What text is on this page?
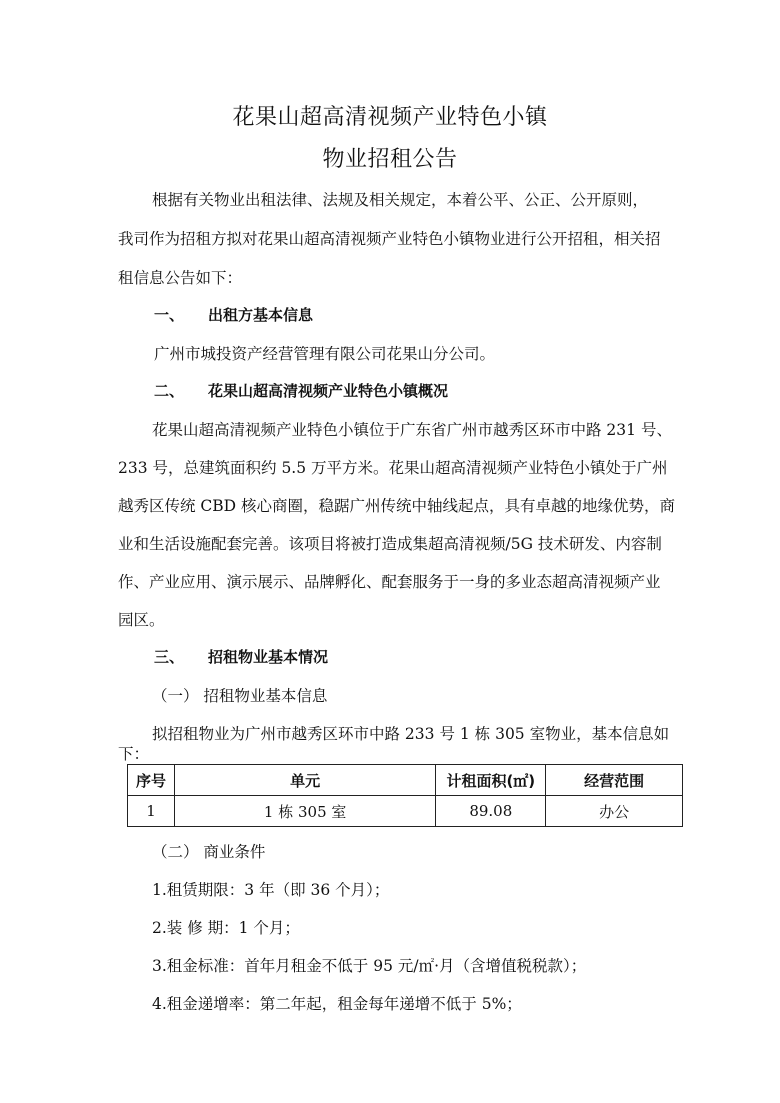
花果山超高清视频产业特色小镇
物业招租公告
根据有关物业出租法律、法规及相关规定，本着公平、公正、公开原则，
我司作为招租方拟对花果山超高清视频产业特色小镇物业进行公开招租，相关招
租信息公告如下：
一、 出租方基本信息
广州市城投资产经营管理有限公司花果山分公司。
二、 花果山超高清视频产业特色小镇概况
花果山超高清视频产业特色小镇位于广东省广州市越秀区环市中路 231 号、
233 号，总建筑面积约 5.5 万平方米。花果山超高清视频产业特色小镇处于广州
越秀区传统 CBD 核心商圈，稳踞广州传统中轴线起点，具有卓越的地缘优势，商
业和生活设施配套完善。该项目将被打造成集超高清视频/5G 技术研发、内容制
作、产业应用、演示展示、品牌孵化、配套服务于一身的多业态超高清视频产业
园区。
三、 招租物业基本情况
（一） 招租物业基本信息
拟招租物业为广州市越秀区环市中路 233 号 1 栋 305 室物业，基本信息如
下：
序号	单元	计租面积(㎡)	经营范围
1	1 栋 305 室	89.08	办公
（二） 商业条件
1.租赁期限：3 年（即 36 个月）；
2.装 修 期：1 个月；
3.租金标准：首年月租金不低于 95 元/㎡·月（含增值税税款）；
4.租金递增率：第二年起，租金每年递增不低于 5%；
